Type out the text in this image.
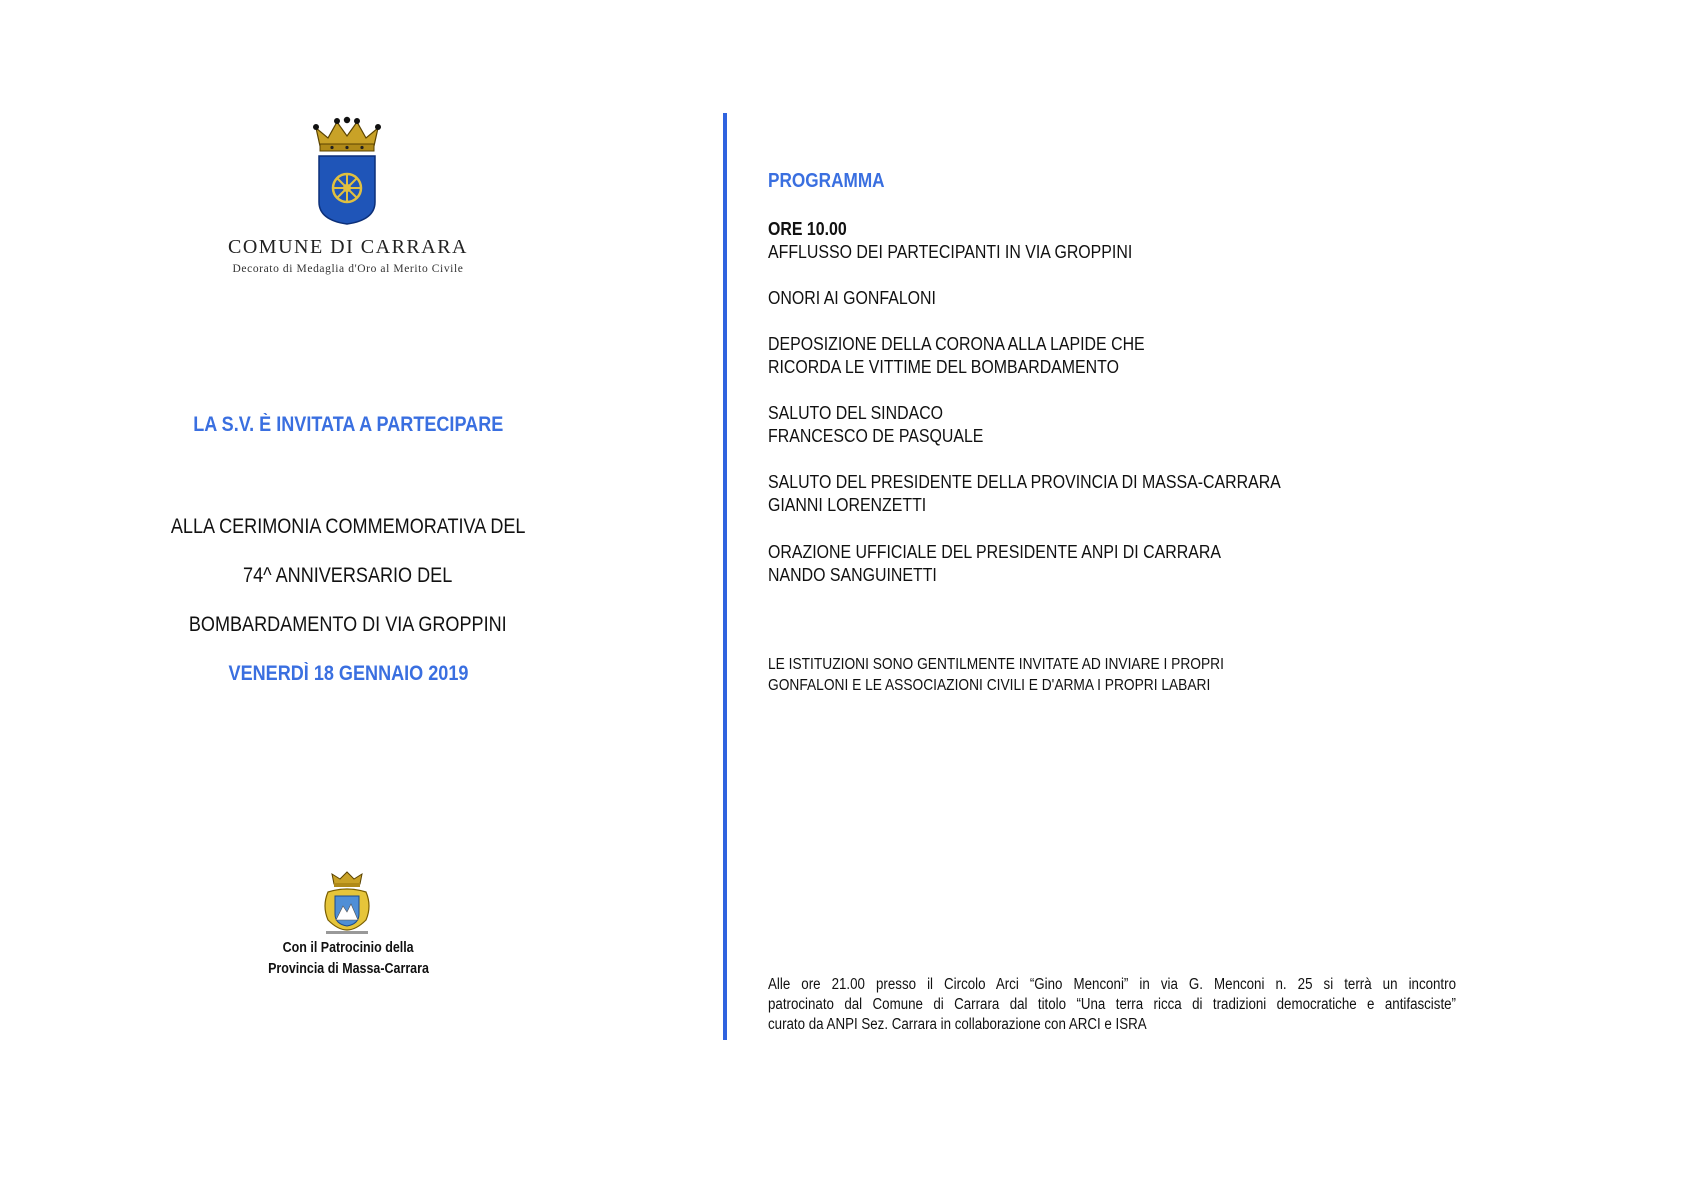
COMUNE DI CARRARA
Decorato di Medaglia d'Oro al Merito Civile
LA S.V. È INVITATA A PARTECIPARE
ALLA CERIMONIA COMMEMORATIVA DEL
74^ ANNIVERSARIO DEL
BOMBARDAMENTO DI VIA GROPPINI
VENERDÌ 18 GENNAIO 2019
Con il Patrocinio della
Provincia di Massa-Carrara
PROGRAMMA
ORE 10.00
AFFLUSSO DEI PARTECIPANTI IN VIA GROPPINI
ONORI AI GONFALONI
DEPOSIZIONE DELLA CORONA ALLA LAPIDE CHE
RICORDA LE VITTIME DEL BOMBARDAMENTO
SALUTO DEL SINDACO
FRANCESCO DE PASQUALE
SALUTO DEL PRESIDENTE DELLA PROVINCIA DI MASSA-CARRARA
GIANNI LORENZETTI
ORAZIONE UFFICIALE DEL PRESIDENTE ANPI DI CARRARA
NANDO SANGUINETTI
LE ISTITUZIONI SONO GENTILMENTE INVITATE AD INVIARE I PROPRI
GONFALONI E LE ASSOCIAZIONI CIVILI E D'ARMA I PROPRI LABARI
Alle ore 21.00 presso il Circolo Arci “Gino Menconi” in via G. Menconi n. 25 si terrà un incontro
patrocinato dal Comune di Carrara dal titolo “Una terra ricca di tradizioni democratiche e antifasciste”
curato da ANPI Sez. Carrara in collaborazione con ARCI e ISRA
